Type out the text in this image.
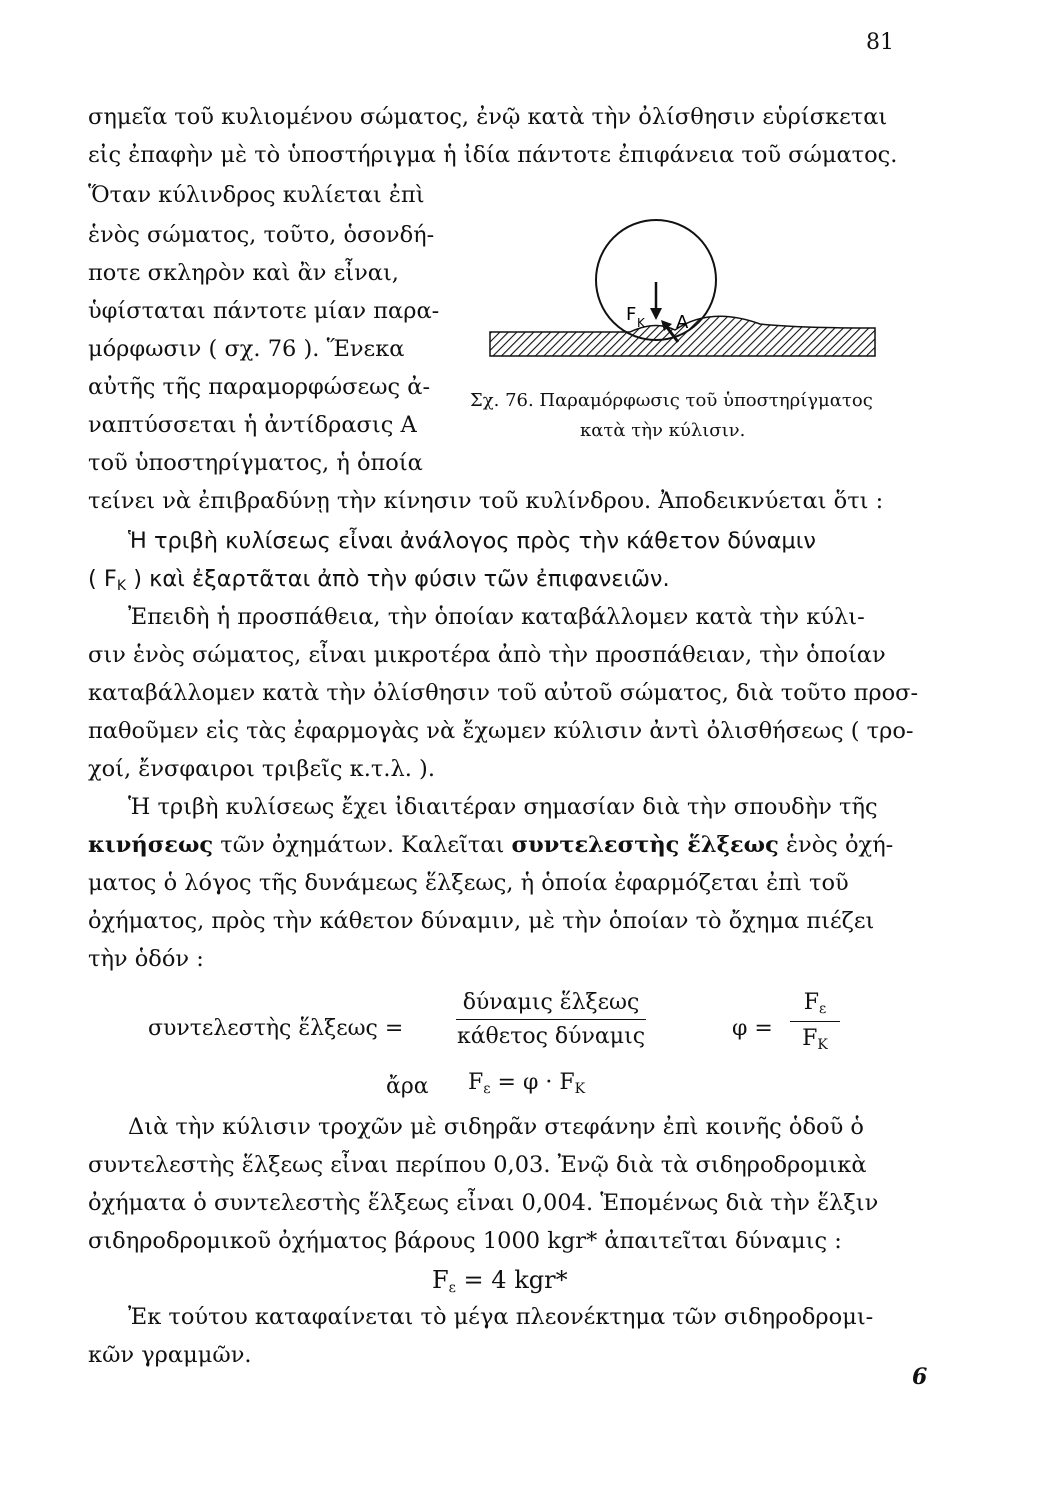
81
σημεῖα τοῦ κυλιομένου σώματος, ἐνῷ κατὰ τὴν ὀλίσθησιν εὑρίσκεται
εἰς ἐπαφὴν μὲ τὸ ὑποστήριγμα ἡ ἰδία πάντοτε ἐπιφάνεια τοῦ σώματος.
Ὅταν κύλινδρος κυλίεται ἐπὶ
ἑνὸς σώματος, τοῦτο, ὁσονδή-
ποτε σκληρὸν καὶ ἂν εἶναι,
ὑφίσταται πάντοτε μίαν παρα-
μόρφωσιν ( σχ. 76 ). Ἕνεκα
αὐτῆς τῆς παραμορφώσεως ἀ-
ναπτύσσεται ἡ ἀντίδρασις Α
τοῦ ὑποστηρίγματος, ἡ ὁποία
τείνει νὰ ἐπιβραδύνῃ τὴν κίνησιν τοῦ κυλίνδρου. Ἀποδεικνύεται ὅτι :
F K A
Σχ. 76. Παραμόρφωσις τοῦ ὑποστηρίγματος
κατὰ τὴν κύλισιν.
Ἡ τριβὴ κυλίσεως εἶναι ἀνάλογος πρὸς τὴν κάθετον δύναμιν
( $F_K$ ) καὶ ἐξαρτᾶται ἀπὸ τὴν φύσιν τῶν ἐπιφανειῶν.
Ἐπειδὴ ἡ προσπάθεια, τὴν ὁποίαν καταβάλλομεν κατὰ τὴν κύλι-
σιν ἑνὸς σώματος, εἶναι μικροτέρα ἀπὸ τὴν προσπάθειαν, τὴν ὁποίαν
καταβάλλομεν κατὰ τὴν ὀλίσθησιν τοῦ αὐτοῦ σώματος, διὰ τοῦτο προσ-
παθοῦμεν εἰς τὰς ἐφαρμογὰς νὰ ἔχωμεν κύλισιν ἀντὶ ὀλισθήσεως ( τρο-
χοί, ἔνσφαιροι τριβεῖς κ.τ.λ. ).
Ἡ τριβὴ κυλίσεως ἔχει ἰδιαιτέραν σημασίαν διὰ τὴν σπουδὴν τῆς
κινήσεως τῶν ὀχημάτων. Καλεῖται συντελεστὴς ἕλξεως ἑνὸς ὀχή-
ματος ὁ λόγος τῆς δυνάμεως ἕλξεως, ἡ ὁποία ἐφαρμόζεται ἐπὶ τοῦ
ὀχήματος, πρὸς τὴν κάθετον δύναμιν, μὲ τὴν ὁποίαν τὸ ὄχημα πιέζει
τὴν ὁδόν :
συντελεστὴς ἕλξεως =
δύναμις ἕλξεως
κάθετος δύναμις	$\varphi = \frac{F_\varepsilon}{F_K}$
ἄρα $F_\varepsilon = \varphi \cdot F_K$
Διὰ τὴν κύλισιν τροχῶν μὲ σιδηρᾶν στεφάνην ἐπὶ κοινῆς ὁδοῦ ὁ
συντελεστὴς ἕλξεως εἶναι περίπου 0,03. Ἐνῷ διὰ τὰ σιδηροδρομικὰ
ὀχήματα ὁ συντελεστὴς ἕλξεως εἶναι 0,004. Ἑπομένως διὰ τὴν ἕλξιν
σιδηροδρομικοῦ ὀχήματος βάρους 1000 kgr* ἀπαιτεῖται δύναμις :
$F_\varepsilon = 4$ kgr*
Ἐκ τούτου καταφαίνεται τὸ μέγα πλεονέκτημα τῶν σιδηροδρομι-
κῶν γραμμῶν.
6
